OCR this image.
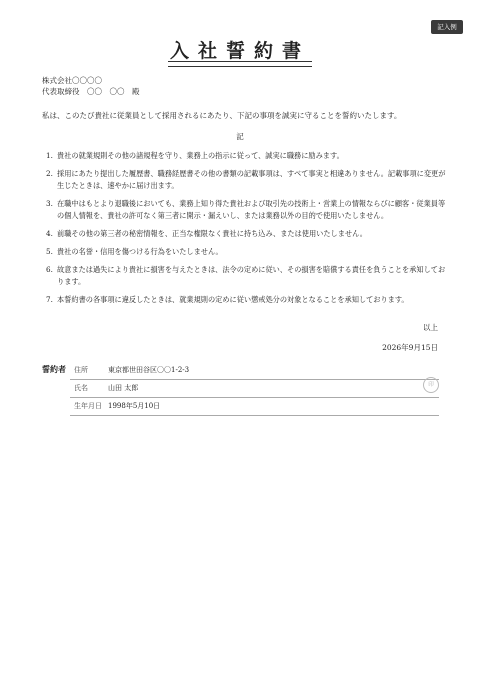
記入例
入社誓約書
株式会社〇〇〇〇
代表取締役　〇〇　〇〇　殿
私は、このたび貴社に従業員として採用されるにあたり、下記の事項を誠実に守ることを誓約いたします。
記
1. 貴社の就業規則その他の諸規程を守り、業務上の指示に従って、誠実に職務に励みます。
2. 採用にあたり提出した履歴書、職務経歴書その他の書類の記載事項は、すべて事実と相違ありません。記載事項に変更が生じたときは、速やかに届け出ます。
3. 在職中はもとより退職後においても、業務上知り得た貴社および取引先の技術上・営業上の情報ならびに顧客・従業員等の個人情報を、貴社の許可なく第三者に開示・漏えいし、または業務以外の目的で使用いたしません。
4. 前職その他の第三者の秘密情報を、正当な権限なく貴社に持ち込み、または使用いたしません。
5. 貴社の名誉・信用を傷つける行為をいたしません。
6. 故意または過失により貴社に損害を与えたときは、法令の定めに従い、その損害を賠償する責任を負うことを承知しております。
7. 本誓約書の各事項に違反したときは、就業規則の定めに従い懲戒処分の対象となることを承知しております。
以上
2026年9月15日
誓約者 住所	東京都世田谷区〇〇1-2-3
氏名	山田 太郎	印
生年月日 1998年5月10日
